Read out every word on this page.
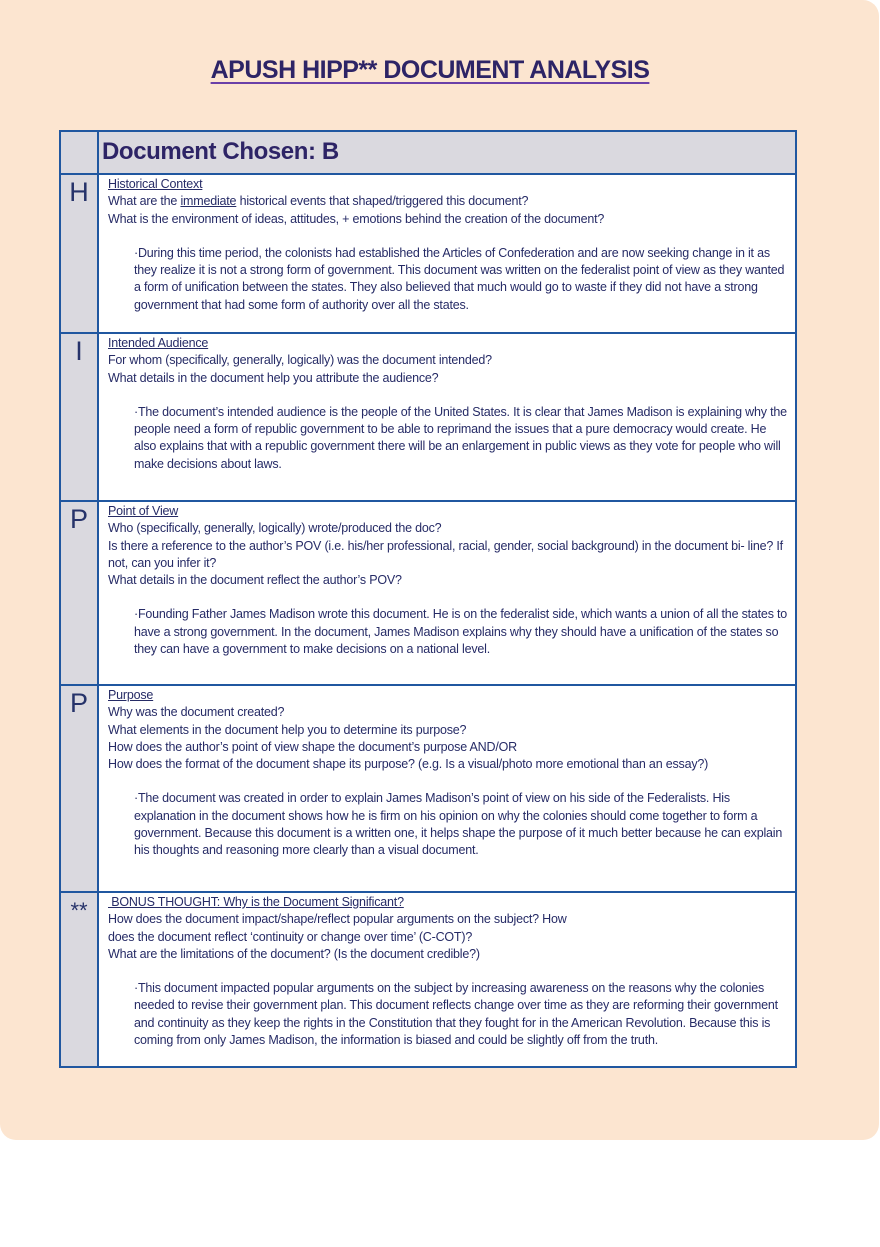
APUSH HIPP** DOCUMENT ANALYSIS
Document Chosen: B
H	Historical Context
What are the immediate historical events that shaped/triggered this document?
What is the environment of ideas, attitudes, + emotions behind the creation of the document?
·During this time period, the colonists had established the Articles of Confederation and are now seeking change in it as they realize it is not a strong form of government. This document was written on the federalist point of view as they wanted a form of unification between the states. They also believed that much would go to waste if they did not have a strong government that had some form of authority over all the states.
I	Intended Audience
For whom (specifically, generally, logically) was the document intended?
What details in the document help you attribute the audience?
·The document’s intended audience is the people of the United States. It is clear that James Madison is explaining why the people need a form of republic government to be able to reprimand the issues that a pure democracy would create. He also explains that with a republic government there will be an enlargement in public views as they vote for people who will make decisions about laws.
P	Point of View
Who (specifically, generally, logically) wrote/produced the doc?
Is there a reference to the author’s POV (i.e. his/her professional, racial, gender, social background) in the document bi- line? If not, can you infer it?
What details in the document reflect the author’s POV?
·Founding Father James Madison wrote this document. He is on the federalist side, which wants a union of all the states to have a strong government. In the document, James Madison explains why they should have a unification of the states so they can have a government to make decisions on a national level.
P	Purpose
Why was the document created?
What elements in the document help you to determine its purpose?
How does the author’s point of view shape the document’s purpose AND/OR
How does the format of the document shape its purpose? (e.g. Is a visual/photo more emotional than an essay?)
·The document was created in order to explain James Madison’s point of view on his side of the Federalists. His explanation in the document shows how he is firm on his opinion on why the colonies should come together to form a government. Because this document is a written one, it helps shape the purpose of it much better because he can explain his thoughts and reasoning more clearly than a visual document.
**	BONUS THOUGHT: Why is the Document Significant?
How does the document impact/shape/reflect popular arguments on the subject? How
does the document reflect ‘continuity or change over time’ (C-COT)?
What are the limitations of the document? (Is the document credible?)
·This document impacted popular arguments on the subject by increasing awareness on the reasons why the colonies needed to revise their government plan. This document reflects change over time as they are reforming their government and continuity as they keep the rights in the Constitution that they fought for in the American Revolution. Because this is coming from only James Madison, the information is biased and could be slightly off from the truth.
